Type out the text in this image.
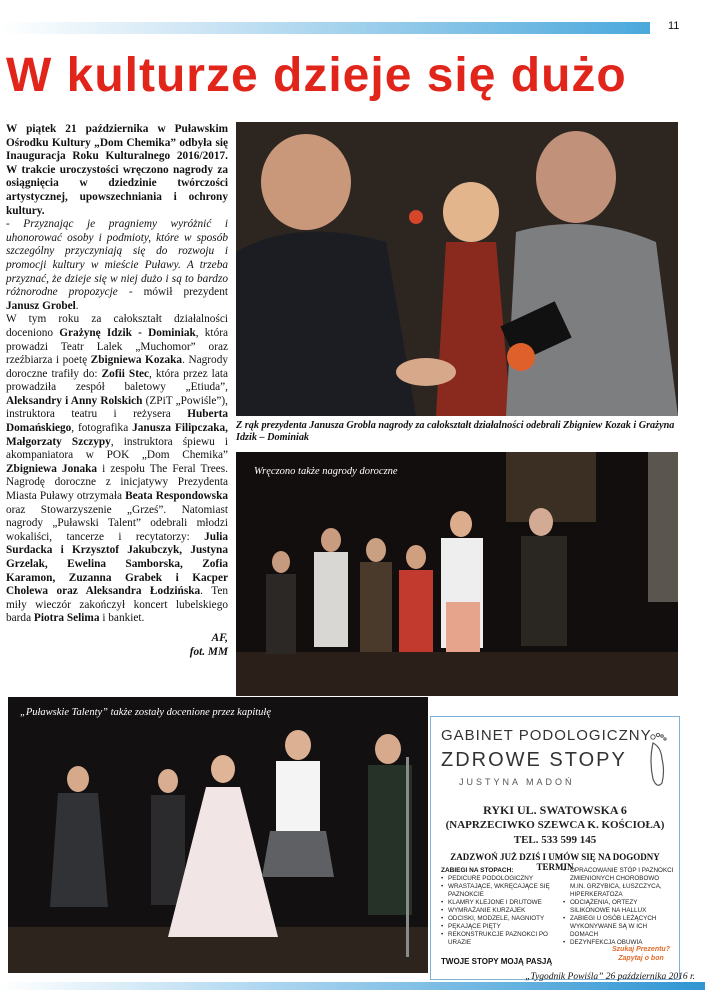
11
W kulturze dzieje się dużo

W piątek 21 października w Puławskim Ośrodku Kultury „Dom Chemika” odbyła się Inauguracja Roku Kulturalnego 2016/2017. W trakcie uroczystości wręczono nagrody za osiągnięcia w dziedzinie twórczości artystycznej, upowszechniania i ochrony kultury.

- Przyznając je pragniemy wyróżnić i uhonorować osoby i podmioty, które w sposób szczególny przyczyniają się do rozwoju i promocji kultury w mieście Puławy. A trzeba przyznać, że dzieje się w niej dużo i są to bardzo różnorodne propozycje - mówił prezydent Janusz Grobel.

W tym roku za całokształt działalności doceniono Grażynę Idzik - Dominiak, która prowadzi Teatr Lalek „Muchomor” oraz rzeźbiarza i poetę Zbigniewa Kozaka. Nagrody doroczne trafiły do: Zofii Stec, która przez lata prowadziła zespół baletowy „Etiuda”, Aleksandry i Anny Rolskich (ZPiT „Powiśle”), instruktora teatru i reżysera Huberta Domańskiego, fotografika Janusza Filipczaka, Małgorzaty Szczypy, instruktora śpiewu i akompaniatora w POK „Dom Chemika” Zbigniewa Jonaka i zespołu The Feral Trees. Nagrodę doroczne z inicjatywy Prezydenta Miasta Puławy otrzymała Beata Respondowska oraz Stowarzyszenie „Grześ”. Natomiast nagrody „Puławski Talent” odebrali młodzi wokaliści, tancerze i recytatorzy: Julia Surdacka i Krzysztof Jakubczyk, Justyna Grzelak, Ewelina Samborska, Zofia Karamon, Zuzanna Grabek i Kacper Cholewa oraz Aleksandra Łodzińska. Ten miły wieczór zakończył koncert lubelskiego barda Piotra Selima i bankiet.

AF,
fot. MM

Z rąk prezydenta Janusza Grobla nagrody za całokształt działalności odebrali Zbigniew Kozak i Grażyna Idzik – Dominiak
Wręczono także nagrody doroczne
„Puławskie Talenty” także zostały docenione przez kapitułę
GABINET PODOLOGICZNY
ZDROWE STOPY
JUSTYNA MADOŃ
RYKI UL. SWATOWSKA 6
(NAPRZECIWKO SZEWCA K. KOŚCIOŁA)
TEL. 533 599 145
ZADZWOŃ JUŻ DZIŚ I UMÓW SIĘ NA DOGODNY TERMIN
ZABIEGI NA STOPACH:
• PEDICURE PODOLOGICZNY
• WRASTAJĄCE, WKRĘCAJĄCE SIĘ PAZNOKCIE
• KLAMRY KLEJONE I DRUTOWE
• WYMRAŻANIE KURZAJEK
• ODCISKI, MODZELE, NAGNIOTY
• PĘKAJĄCE PIĘTY
• REKONSTRUKCJE PAZNOKCI PO URAZIE
• OPRACOWANIE STÓP I PAZNOKCI ZMIENIONYCH CHOROBOWO M.IN. GRZYBICA, ŁUSZCZYCA, HIPERKERATOZA
• ODCIĄŻENIA, ORTEZY SILIKONOWE NA HALLUX
• ZABIEGI U OSÓB LEŻĄCYCH WYKONYWANE SĄ W ICH DOMACH
• DEZYNFEKCJA OBUWIA
TWOJE STOPY MOJĄ PASJĄ
Szukaj Prezentu? Zapytaj o bon
„Tygodnik Powiśla” 26 października 2016 r.
